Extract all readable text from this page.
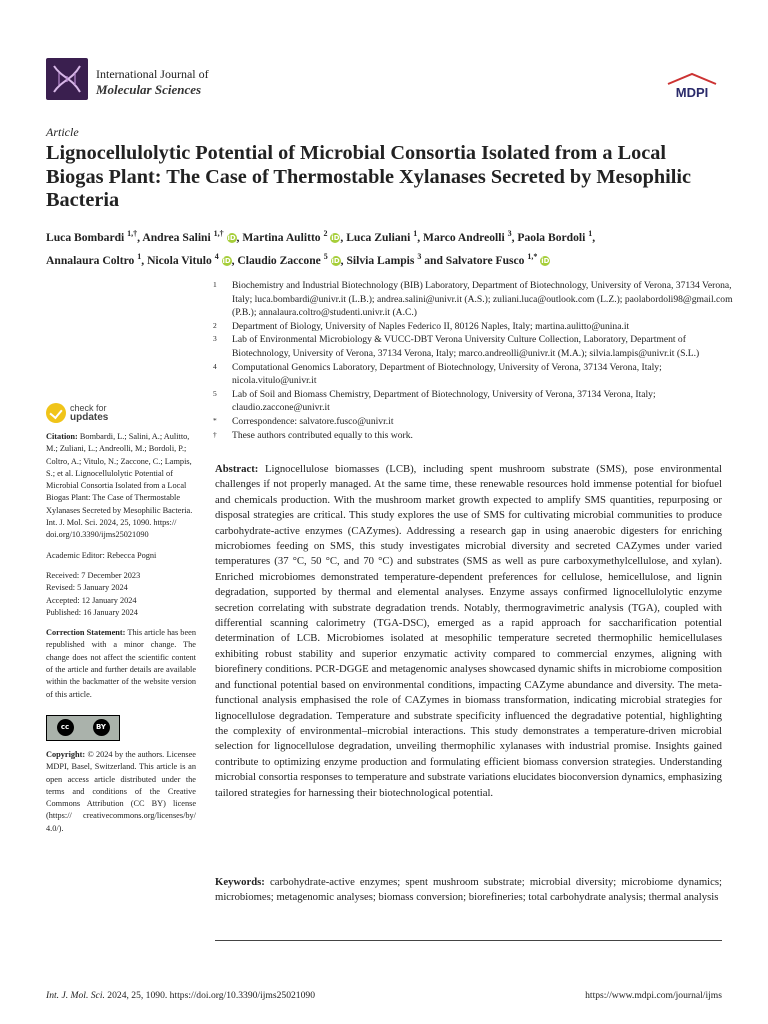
International Journal of
Molecular Sciences	MDPI
Article
Lignocellulolytic Potential of Microbial Consortia Isolated from a Local Biogas Plant: The Case of Thermostable Xylanases Secreted by Mesophilic Bacteria
Luca Bombardi $^{1,\dagger}$, Andrea Salini $^{1,\dagger}$ iD, Martina Aulitto $^2$ iD, Luca Zuliani $^1$, Marco Andreolli $^3$, Paola Bordoli $^1$,
Annalaura Coltro $^1$, Nicola Vitulo $^4$ iD, Claudio Zaccone $^5$ iD, Silvia Lampis $^3$ and Salvatore Fusco $^{1,*}$ iD
1	Biochemistry and Industrial Biotechnology (BIB) Laboratory, Department of Biotechnology, University of Verona, 37134 Verona, Italy; luca.bombardi@univr.it (L.B.); andrea.salini@univr.it (A.S.); zuliani.luca@outlook.com (L.Z.); paolabordoli98@gmail.com (P.B.); annalaura.coltro@studenti.univr.it (A.C.)
2	Department of Biology, University of Naples Federico II, 80126 Naples, Italy; martina.aulitto@unina.it
3	Lab of Environmental Microbiology & VUCC-DBT Verona University Culture Collection, Laboratory, Department of Biotechnology, University of Verona, 37134 Verona, Italy; marco.andreolli@univr.it (M.A.); silvia.lampis@univr.it (S.L.)
4	Computational Genomics Laboratory, Department of Biotechnology, University of Verona, 37134 Verona, Italy; nicola.vitulo@univr.it
5	Lab of Soil and Biomass Chemistry, Department of Biotechnology, University of Verona, 37134 Verona, Italy; claudio.zaccone@univr.it
*	Correspondence: salvatore.fusco@univr.it
†	These authors contributed equally to this work.
check for
updates
Citation: Bombardi, L.; Salini, A.; Aulitto, M.; Zuliani, L.; Andreolli, M.; Bordoli, P.; Coltro, A.; Vitulo, N.; Zaccone, C.; Lampis, S.; et al. Lignocellulolytic Potential of Microbial Consortia Isolated from a Local Biogas Plant: The Case of Thermostable Xylanases Secreted by Mesophilic Bacteria. Int. J. Mol. Sci. 2024, 25, 1090. https:// doi.org/10.3390/ijms25021090
Academic Editor: Rebecca Pogni
Received: 7 December 2023
Revised: 5 January 2024
Accepted: 12 January 2024
Published: 16 January 2024
Correction Statement: This article has been republished with a minor change. The change does not affect the scientific content of the article and further details are available within the backmatter of the website version of this article.
cc	BY
Copyright: © 2024 by the authors. Licensee MDPI, Basel, Switzerland. This article is an open access article distributed under the terms and conditions of the Creative Commons Attribution (CC BY) license (https:// creativecommons.org/licenses/by/ 4.0/).
Abstract: Lignocellulose biomasses (LCB), including spent mushroom substrate (SMS), pose environmental challenges if not properly managed. At the same time, these renewable resources hold immense potential for biofuel and chemicals production. With the mushroom market growth expected to amplify SMS quantities, repurposing or disposal strategies are critical. This study explores the use of SMS for cultivating microbial communities to produce carbohydrate-active enzymes (CAZymes). Addressing a research gap in using anaerobic digesters for enriching microbiomes feeding on SMS, this study investigates microbial diversity and secreted CAZymes under varied temperatures (37 °C, 50 °C, and 70 °C) and substrates (SMS as well as pure carboxymethylcellulose, and xylan). Enriched microbiomes demonstrated temperature-dependent preferences for cellulose, hemicellulose, and lignin degradation, supported by thermal and elemental analyses. Enzyme assays confirmed lignocellulolytic enzyme secretion correlating with substrate degradation trends. Notably, thermogravimetric analysis (TGA), coupled with differential scanning calorimetry (TGA-DSC), emerged as a rapid approach for saccharification potential determination of LCB. Microbiomes isolated at mesophilic temperature secreted thermophilic hemicellulases exhibiting robust stability and superior enzymatic activity compared to commercial enzymes, aligning with biorefinery conditions. PCR-DGGE and metagenomic analyses showcased dynamic shifts in microbiome composition and functional potential based on environmental conditions, impacting CAZyme abundance and diversity. The meta-functional analysis emphasised the role of CAZymes in biomass transformation, indicating microbial strategies for lignocellulose degradation. Temperature and substrate specificity influenced the degradative potential, highlighting the complexity of environmental–microbial interactions. This study demonstrates a temperature-driven microbial selection for lignocellulose degradation, unveiling thermophilic xylanases with industrial promise. Insights gained contribute to optimizing enzyme production and formulating efficient biomass conversion strategies. Understanding microbial consortia responses to temperature and substrate variations elucidates bioconversion dynamics, emphasizing tailored strategies for harnessing their biotechnological potential.
Keywords: carbohydrate-active enzymes; spent mushroom substrate; microbial diversity; microbiome dynamics; microbiomes; metagenomic analyses; biomass conversion; biorefineries; total carbohydrate analysis; thermal analysis
Int. J. Mol. Sci. 2024, 25, 1090. https://doi.org/10.3390/ijms25021090	https://www.mdpi.com/journal/ijms
